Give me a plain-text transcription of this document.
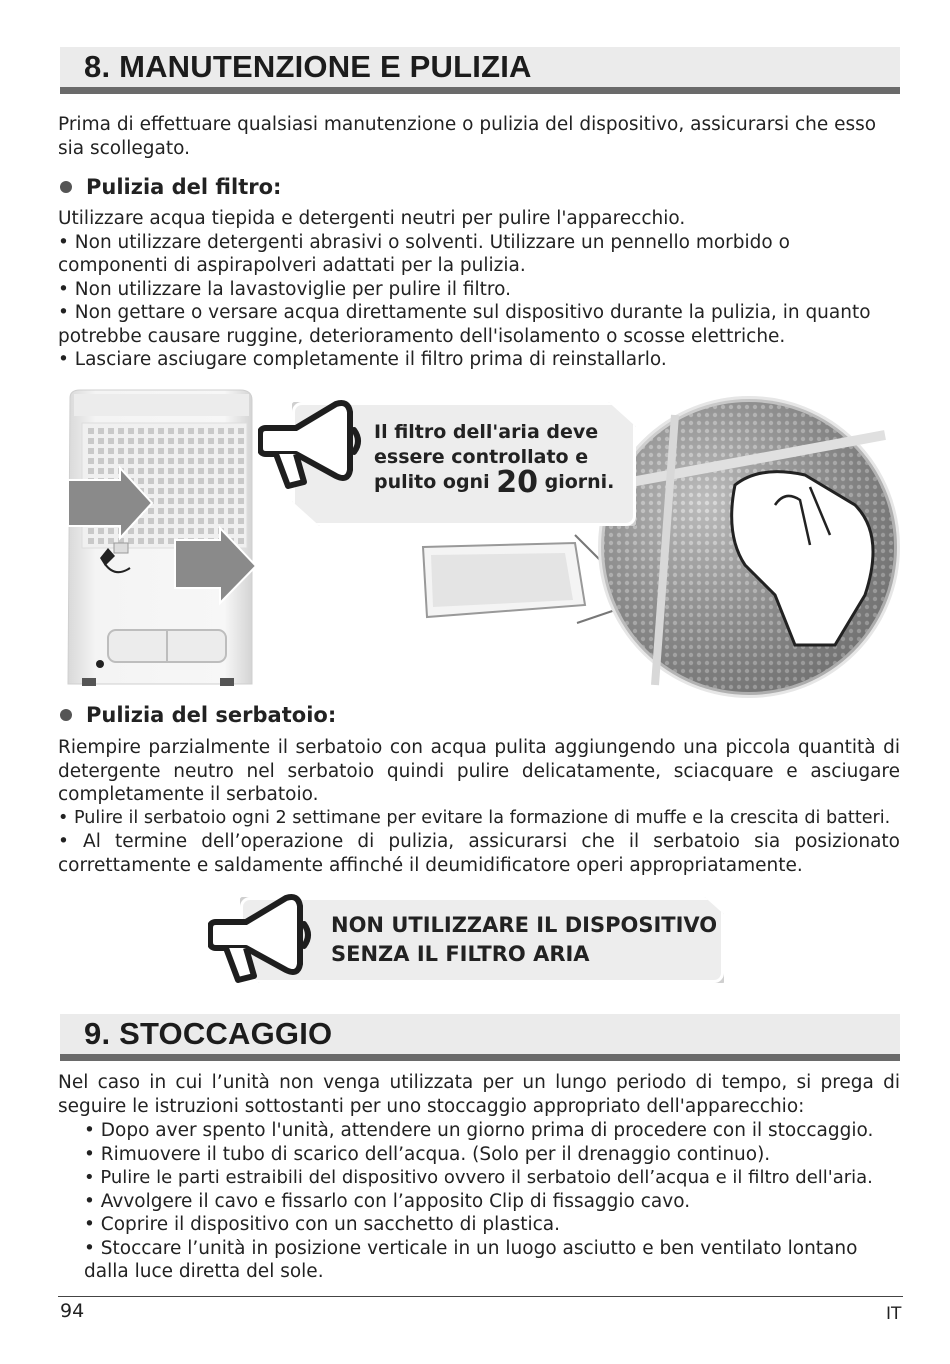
8. MANUTENZIONE E PULIZIA

Prima di effettuare qualsiasi manutenzione o pulizia del dispositivo, assicurarsi che esso sia scollegato.

Pulizia del filtro:

Utilizzare acqua tiepida e detergenti neutri per pulire l'apparecchio.

• Non utilizzare detergenti abrasivi o solventi. Utilizzare un pennello morbido o componenti di aspirapolveri adattati per la pulizia.

• Non utilizzare la lavastoviglie per pulire il filtro.

• Non gettare o versare acqua direttamente sul dispositivo durante la pulizia, in quanto potrebbe causare ruggine, deterioramento dell'isolamento o scosse elettriche.

• Lasciare asciugare completamente il filtro prima di reinstallarlo.

Il filtro dell'aria deve
essere controllato e
pulito ogni 20 giorni.
Pulizia del serbatoio:

Riempire parzialmente il serbatoio con acqua pulita aggiungendo una piccola quantità di detergente neutro nel serbatoio quindi pulire delicatamente, sciacquare e asciugare completamente il serbatoio.

• Pulire il serbatoio ogni 2 settimane per evitare la formazione di muffe e la crescita di batteri.

• Al termine dell’operazione di pulizia, assicurarsi che il serbatoio sia posizionato correttamente e saldamente affinché il deumidificatore operi appropriatamente.

NON UTILIZZARE IL DISPOSITIVO
SENZA IL FILTRO ARIA
9. STOCCAGGIO

Nel caso in cui l’unità non venga utilizzata per un lungo periodo di tempo, si prega di seguire le istruzioni sottostanti per uno stoccaggio appropriato dell'apparecchio:

• Dopo aver spento l'unità, attendere un giorno prima di procedere con il stoccaggio.

• Rimuovere il tubo di scarico dell’acqua. (Solo per il drenaggio continuo).

• Pulire le parti estraibili del dispositivo ovvero il serbatoio dell’acqua e il filtro dell'aria.

• Avvolgere il cavo e fissarlo con l’apposito Clip di fissaggio cavo.

• Coprire il dispositivo con un sacchetto di plastica.

• Stoccare l’unità in posizione verticale in un luogo asciutto e ben ventilato lontano dalla luce diretta del sole.

94	IT
